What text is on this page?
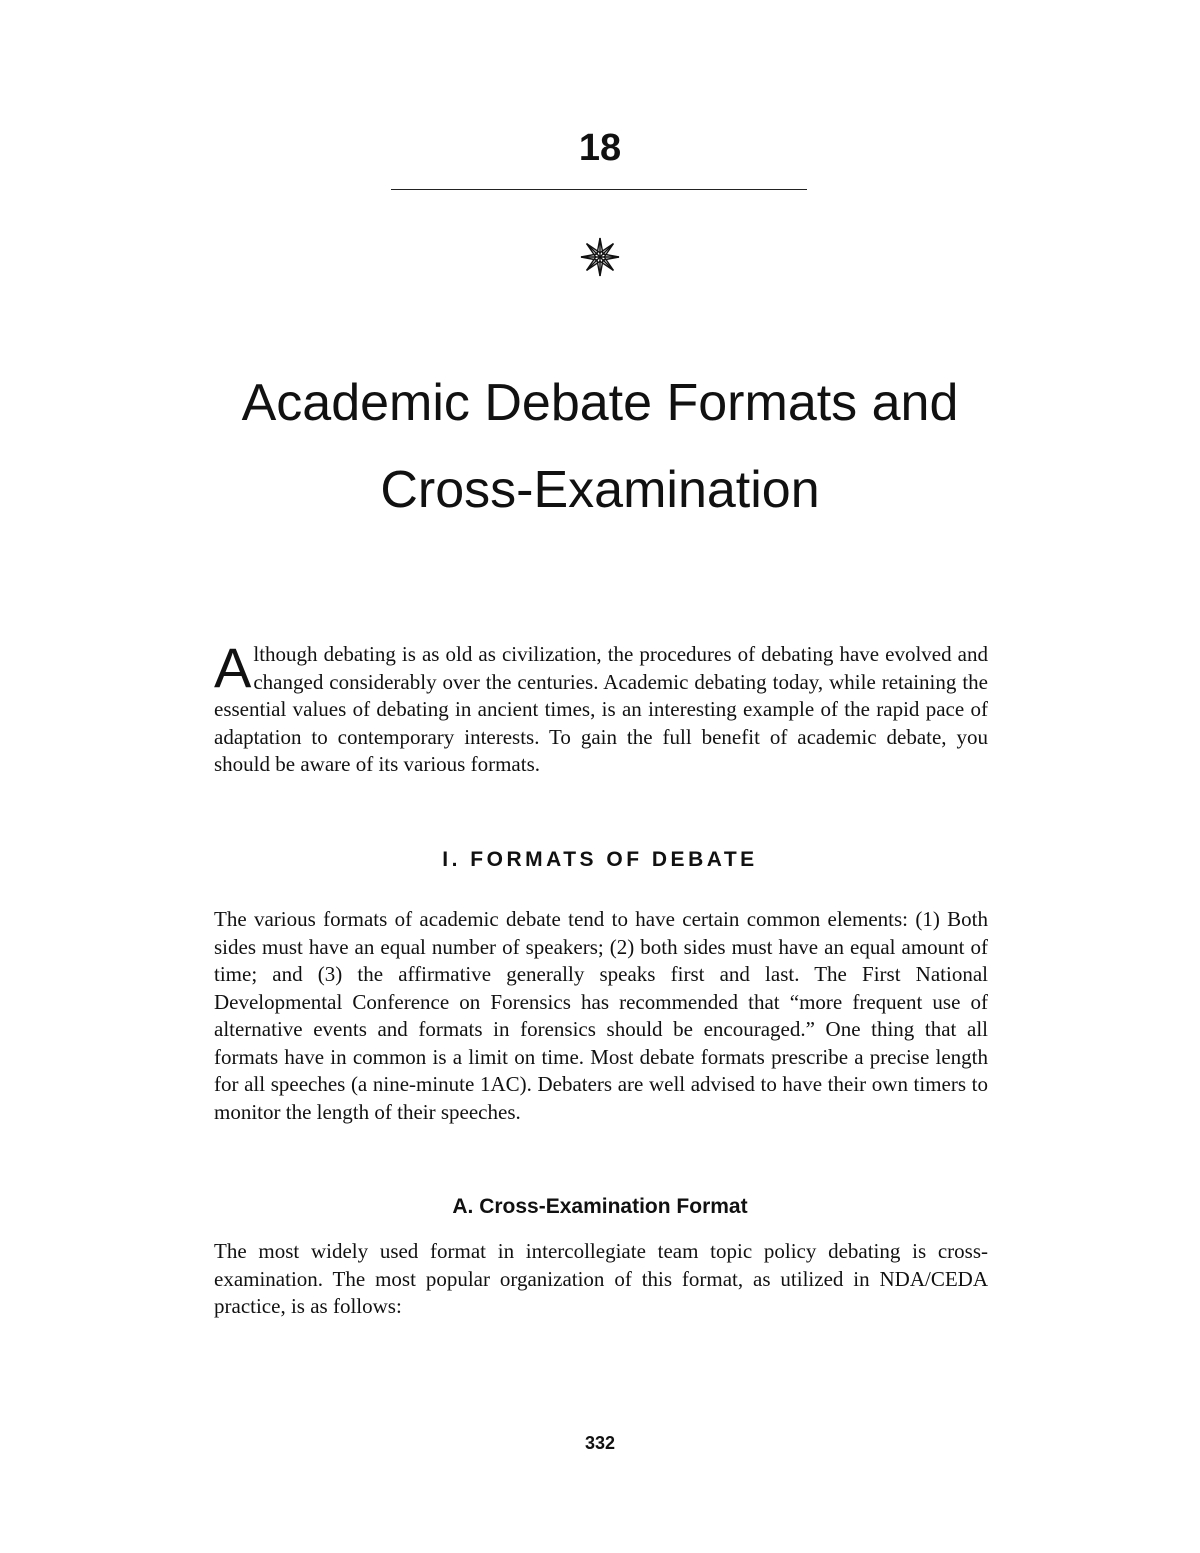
18
Academic Debate Formats and
Cross-Examination

Although debating is as old as civilization, the procedures of debating have evolved and changed considerably over the centuries. Academic debating today, while retaining the essential values of debating in ancient times, is an interesting example of the rapid pace of adaptation to contemporary interests. To gain the full benefit of academic debate, you should be aware of its various formats.

I. FORMATS OF DEBATE

The various formats of academic debate tend to have certain common elements: (1) Both sides must have an equal number of speakers; (2) both sides must have an equal amount of time; and (3) the affirmative generally speaks first and last. The First National Developmental Conference on Forensics has recommended that “more frequent use of alternative events and formats in forensics should be encouraged.” One thing that all formats have in common is a limit on time. Most debate formats prescribe a precise length for all speeches (a nine-minute 1AC). Debaters are well advised to have their own timers to monitor the length of their speeches.

A. Cross-Examination Format

The most widely used format in intercollegiate team topic policy debating is cross-examination. The most popular organization of this format, as utilized in NDA/CEDA practice, is as follows:

332
